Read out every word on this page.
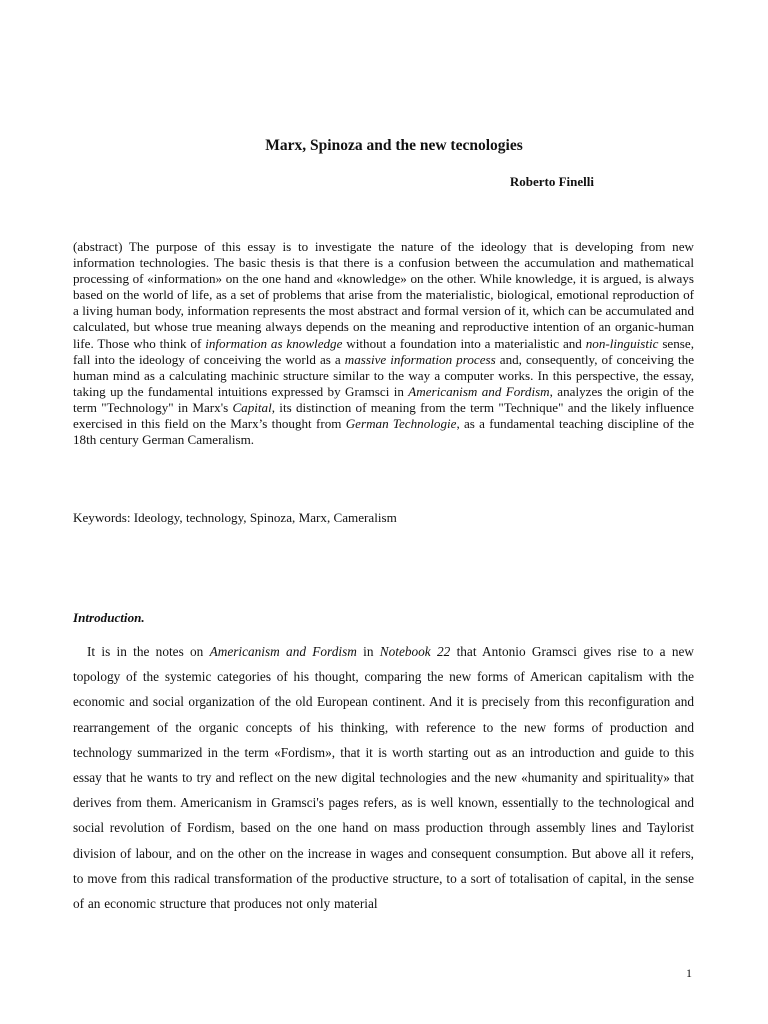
Marx, Spinoza and the new tecnologies

Roberto Finelli

(abstract) The purpose of this essay is to investigate the nature of the ideology that is developing from new information technologies. The basic thesis is that there is a confusion between the accumulation and mathematical processing of «information» on the one hand and «knowledge» on the other. While knowledge, it is argued, is always based on the world of life, as a set of problems that arise from the materialistic, biological, emotional reproduction of a living human body, information represents the most abstract and formal version of it, which can be accumulated and calculated, but whose true meaning always depends on the meaning and reproductive intention of an organic-human life. Those who think of information as knowledge without a foundation into a materialistic and non-linguistic sense, fall into the ideology of conceiving the world as a massive information process and, consequently, of conceiving the human mind as a calculating machinic structure similar to the way a computer works. In this perspective, the essay, taking up the fundamental intuitions expressed by Gramsci in Americanism and Fordism, analyzes the origin of the term "Technology" in Marx's Capital, its distinction of meaning from the term "Technique" and the likely influence exercised in this field on the Marx’s thought from German Technologie, as a fundamental teaching discipline of the 18th century German Cameralism.

Keywords: Ideology, technology, Spinoza, Marx, Cameralism

Introduction.

It is in the notes on Americanism and Fordism in Notebook 22 that Antonio Gramsci gives rise to a new topology of the systemic categories of his thought, comparing the new forms of American capitalism with the economic and social organization of the old European continent. And it is precisely from this reconfiguration and rearrangement of the organic concepts of his thinking, with reference to the new forms of production and technology summarized in the term «Fordism», that it is worth starting out as an introduction and guide to this essay that he wants to try and reflect on the new digital technologies and the new «humanity and spirituality» that derives from them. Americanism in Gramsci's pages refers, as is well known, essentially to the technological and social revolution of Fordism, based on the one hand on mass production through assembly lines and Taylorist division of labour, and on the other on the increase in wages and consequent consumption. But above all it refers, to move from this radical transformation of the productive structure, to a sort of totalisation of capital, in the sense of an economic structure that produces not only material

1
